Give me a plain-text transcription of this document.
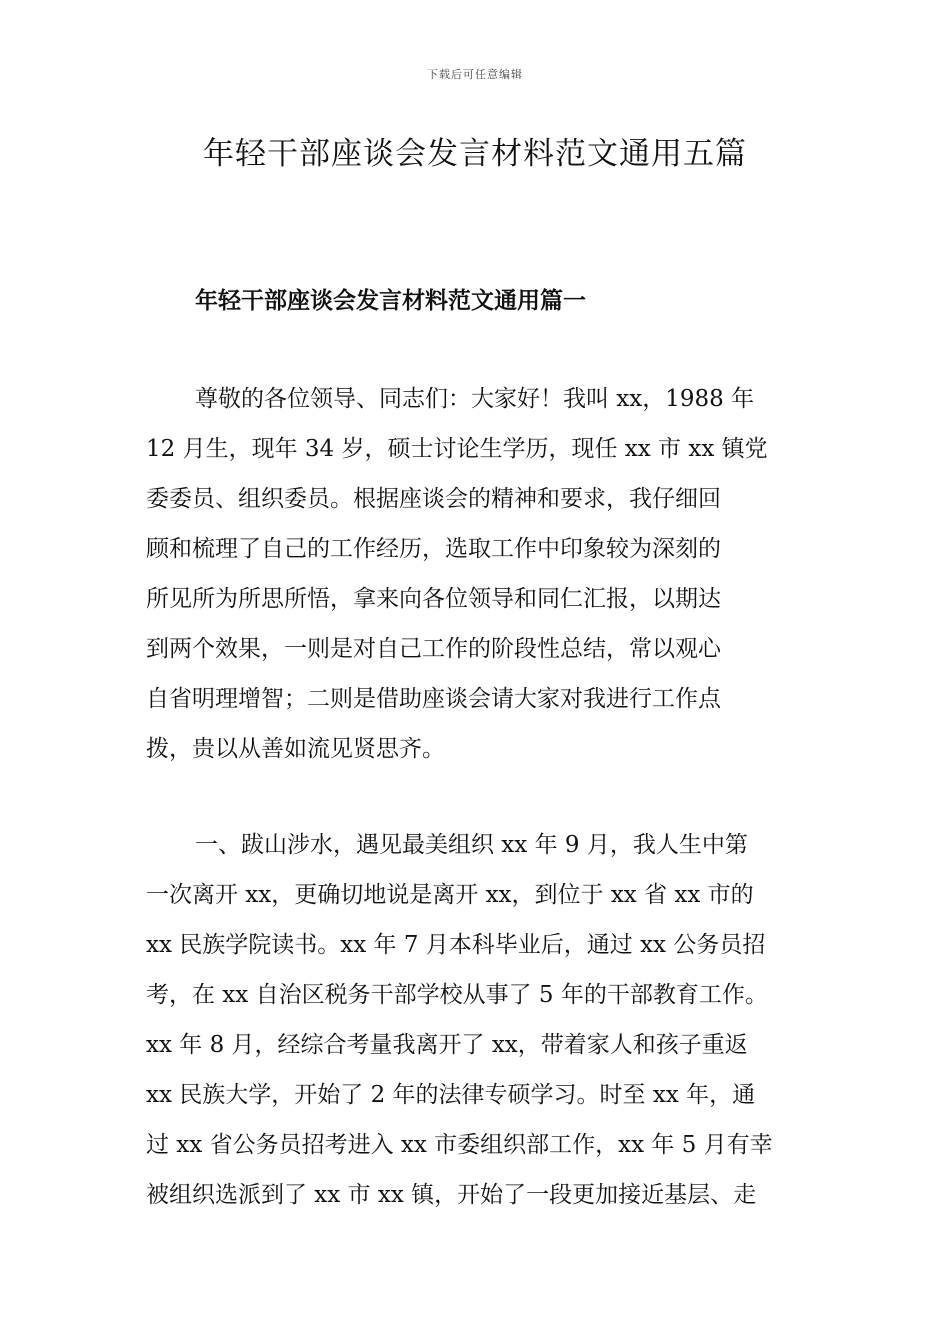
下载后可任意编辑
年轻干部座谈会发言材料范文通用五篇
年轻干部座谈会发言材料范文通用篇一
尊敬的各位领导、同志们：大家好！我叫 xx，1988 年
12 月生，现年 34 岁，硕士讨论生学历，现任 xx 市 xx 镇党
委委员、组织委员。根据座谈会的精神和要求，我仔细回
顾和梳理了自己的工作经历，选取工作中印象较为深刻的
所见所为所思所悟，拿来向各位领导和同仁汇报，以期达
到两个效果，一则是对自己工作的阶段性总结，常以观心
自省明理增智；二则是借助座谈会请大家对我进行工作点
拨，贵以从善如流见贤思齐。
一、跋山涉水，遇见最美组织 xx 年 9 月，我人生中第
一次离开 xx，更确切地说是离开 xx，到位于 xx 省 xx 市的
xx 民族学院读书。xx 年 7 月本科毕业后，通过 xx 公务员招
考，在 xx 自治区税务干部学校从事了 5 年的干部教育工作。
xx 年 8 月，经综合考量我离开了 xx，带着家人和孩子重返
xx 民族大学，开始了 2 年的法律专硕学习。时至 xx 年，通
过 xx 省公务员招考进入 xx 市委组织部工作，xx 年 5 月有幸
被组织选派到了 xx 市 xx 镇，开始了一段更加接近基层、走
